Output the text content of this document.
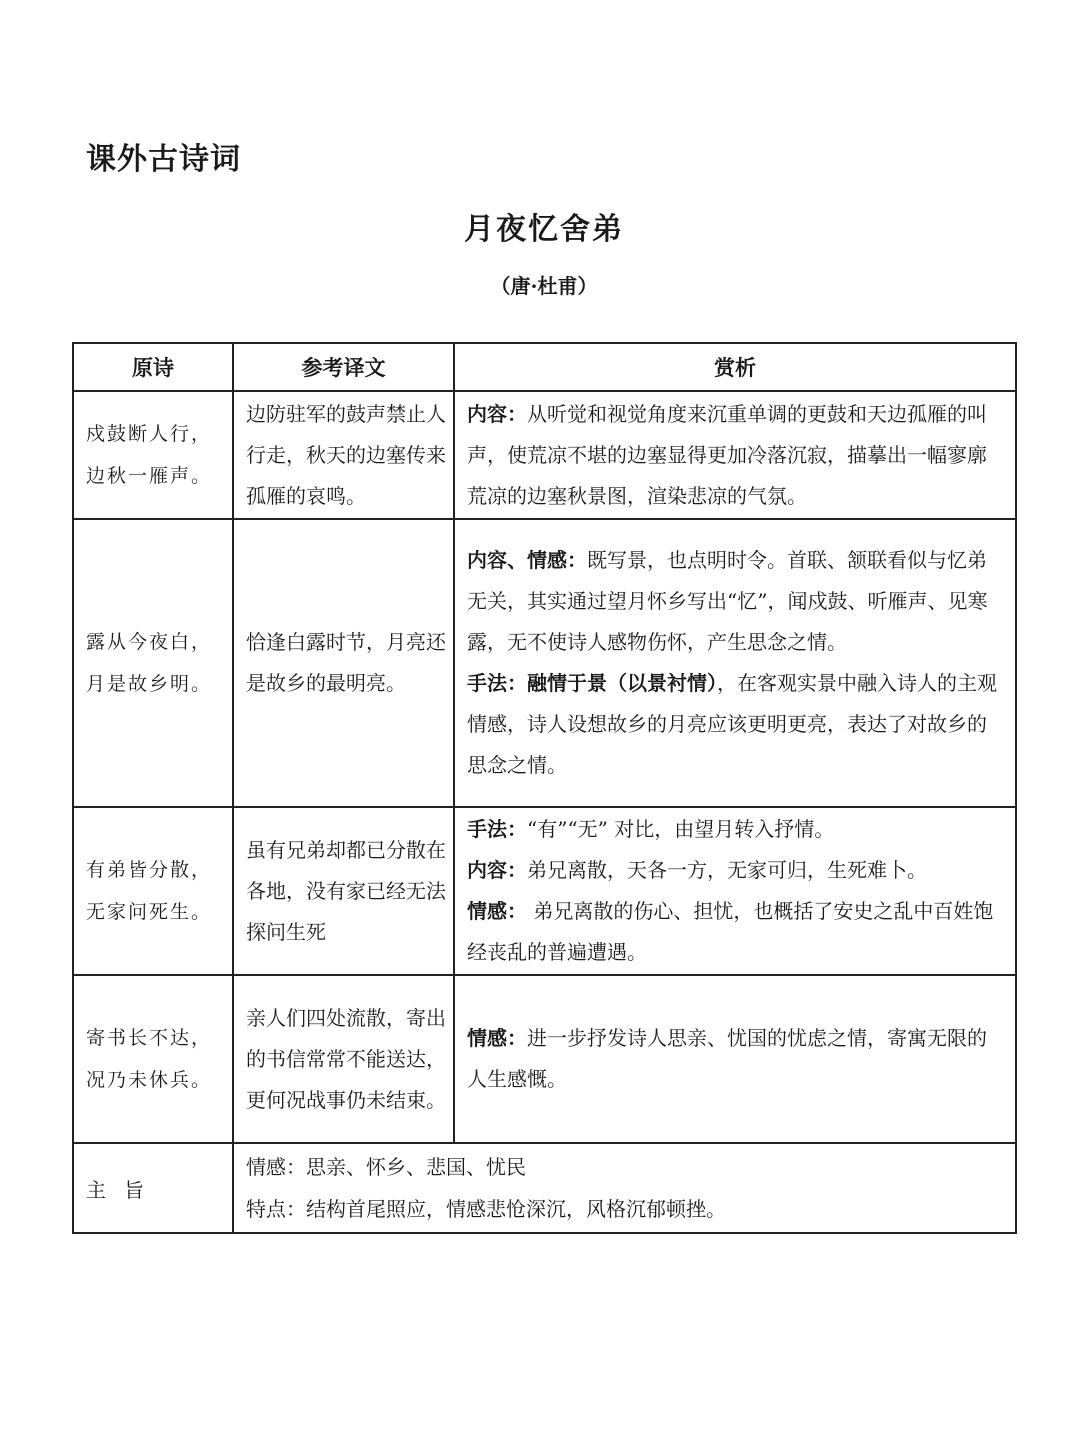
课外古诗词
月夜忆舍弟
（唐·杜甫）
原诗	参考译文	赏析

戍鼓断人行，
边秋一雁声。	边防驻军的鼓声禁止人行走，秋天的边塞传来孤雁的哀鸣。	内容：从听觉和视觉角度来沉重单调的更鼓和天边孤雁的叫声，使荒凉不堪的边塞显得更加冷落沉寂，描摹出一幅寥廓荒凉的边塞秋景图，渲染悲凉的气氛。

露从今夜白，
月是故乡明。	恰逢白露时节，月亮还是故乡的最明亮。	内容、情感：既写景，也点明时令。首联、颔联看似与忆弟无关，其实通过望月怀乡写出“忆”，闻戍鼓、听雁声、见寒露，无不使诗人感物伤怀，产生思念之情。
手法：融情于景（以景衬情），在客观实景中融入诗人的主观情感，诗人设想故乡的月亮应该更明更亮，表达了对故乡的思念之情。

有弟皆分散，
无家问死生。	虽有兄弟却都已分散在各地，没有家已经无法探问生死	手法：“有”“无” 对比，由望月转入抒情。
内容：弟兄离散，天各一方，无家可归，生死难卜。
情感： 弟兄离散的伤心、担忧，也概括了安史之乱中百姓饱经丧乱的普遍遭遇。

寄书长不达，
况乃未休兵。	亲人们四处流散，寄出的书信常常不能送达，更何况战事仍未结束。	情感：进一步抒发诗人思亲、忧国的忧虑之情，寄寓无限的人生感慨。
主旨	情感：思亲、怀乡、悲国、忧民
特点：结构首尾照应，情感悲怆深沉，风格沉郁顿挫。	
